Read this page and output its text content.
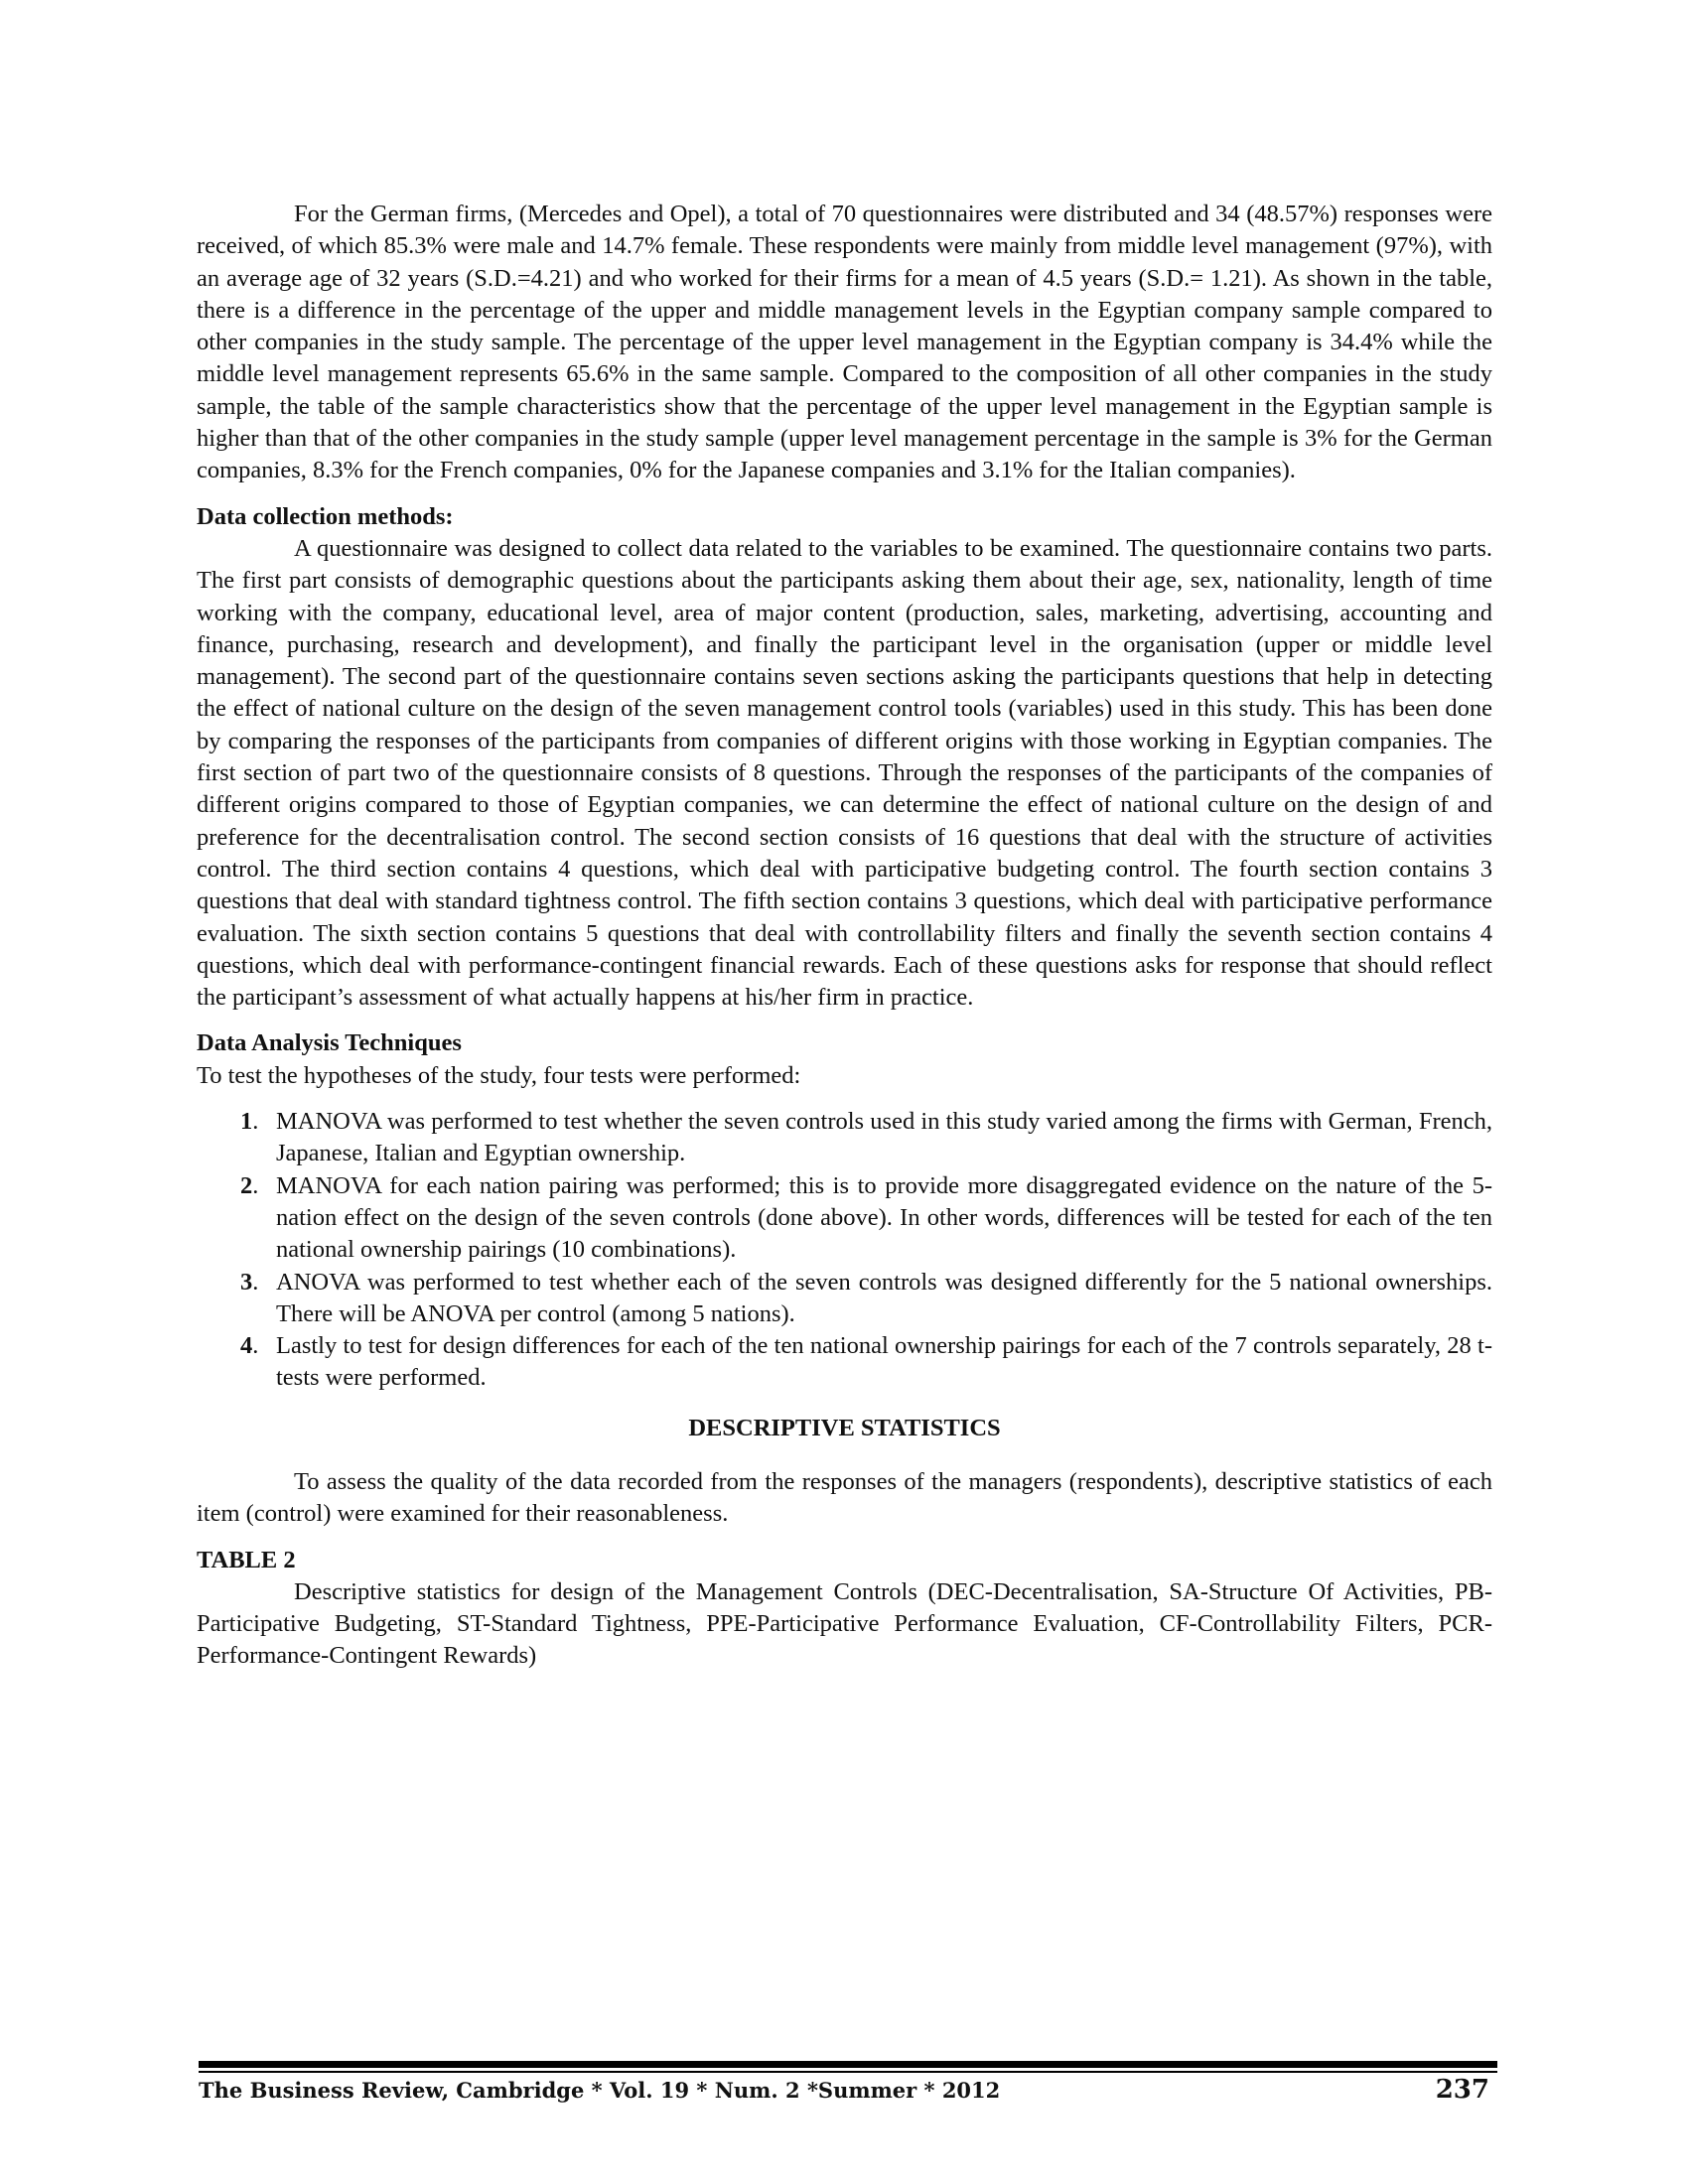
For the German firms, (Mercedes and Opel), a total of 70 questionnaires were distributed and 34 (48.57%) responses were received, of which 85.3% were male and 14.7% female. These respondents were mainly from middle level management (97%), with an average age of 32 years (S.D.=4.21) and who worked for their firms for a mean of 4.5 years (S.D.= 1.21). As shown in the table, there is a difference in the percentage of the upper and middle management levels in the Egyptian company sample compared to other companies in the study sample. The percentage of the upper level management in the Egyptian company is 34.4% while the middle level management represents 65.6% in the same sample. Compared to the composition of all other companies in the study sample, the table of the sample characteristics show that the percentage of the upper level management in the Egyptian sample is higher than that of the other companies in the study sample (upper level management percentage in the sample is 3% for the German companies, 8.3% for the French companies, 0% for the Japanese companies and 3.1% for the Italian companies).

Data collection methods:

A questionnaire was designed to collect data related to the variables to be examined. The questionnaire contains two parts. The first part consists of demographic questions about the participants asking them about their age, sex, nationality, length of time working with the company, educational level, area of major content (production, sales, marketing, advertising, accounting and finance, purchasing, research and development), and finally the participant level in the organisation (upper or middle level management). The second part of the questionnaire contains seven sections asking the participants questions that help in detecting the effect of national culture on the design of the seven management control tools (variables) used in this study. This has been done by comparing the responses of the participants from companies of different origins with those working in Egyptian companies. The first section of part two of the questionnaire consists of 8 questions. Through the responses of the participants of the companies of different origins compared to those of Egyptian companies, we can determine the effect of national culture on the design of and preference for the decentralisation control. The second section consists of 16 questions that deal with the structure of activities control. The third section contains 4 questions, which deal with participative budgeting control. The fourth section contains 3 questions that deal with standard tightness control. The fifth section contains 3 questions, which deal with participative performance evaluation. The sixth section contains 5 questions that deal with controllability filters and finally the seventh section contains 4 questions, which deal with performance-contingent financial rewards. Each of these questions asks for response that should reflect the participant’s assessment of what actually happens at his/her firm in practice.

Data Analysis Techniques

To test the hypotheses of the study, four tests were performed:

1 . MANOVA was performed to test whether the seven controls used in this study varied among the firms with German, French, Japanese, Italian and Egyptian ownership.
2 . MANOVA for each nation pairing was performed; this is to provide more disaggregated evidence on the nature of the 5-nation effect on the design of the seven controls (done above). In other words, differences will be tested for each of the ten national ownership pairings (10 combinations).
3 . ANOVA was performed to test whether each of the seven controls was designed differently for the 5 national ownerships. There will be ANOVA per control (among 5 nations).
4 . Lastly to test for design differences for each of the ten national ownership pairings for each of the 7 controls separately, 28 t-tests were performed.
DESCRIPTIVE STATISTICS

To assess the quality of the data recorded from the responses of the managers (respondents), descriptive statistics of each item (control) were examined for their reasonableness.

TABLE 2

Descriptive statistics for design of the Management Controls (DEC-Decentralisation, SA-Structure Of Activities, PB-Participative Budgeting, ST-Standard Tightness, PPE-Participative Performance Evaluation, CF-Controllability Filters, PCR-Performance-Contingent Rewards)

The Business Review, Cambridge * Vol. 19 * Num. 2 *Summer * 2012	237
